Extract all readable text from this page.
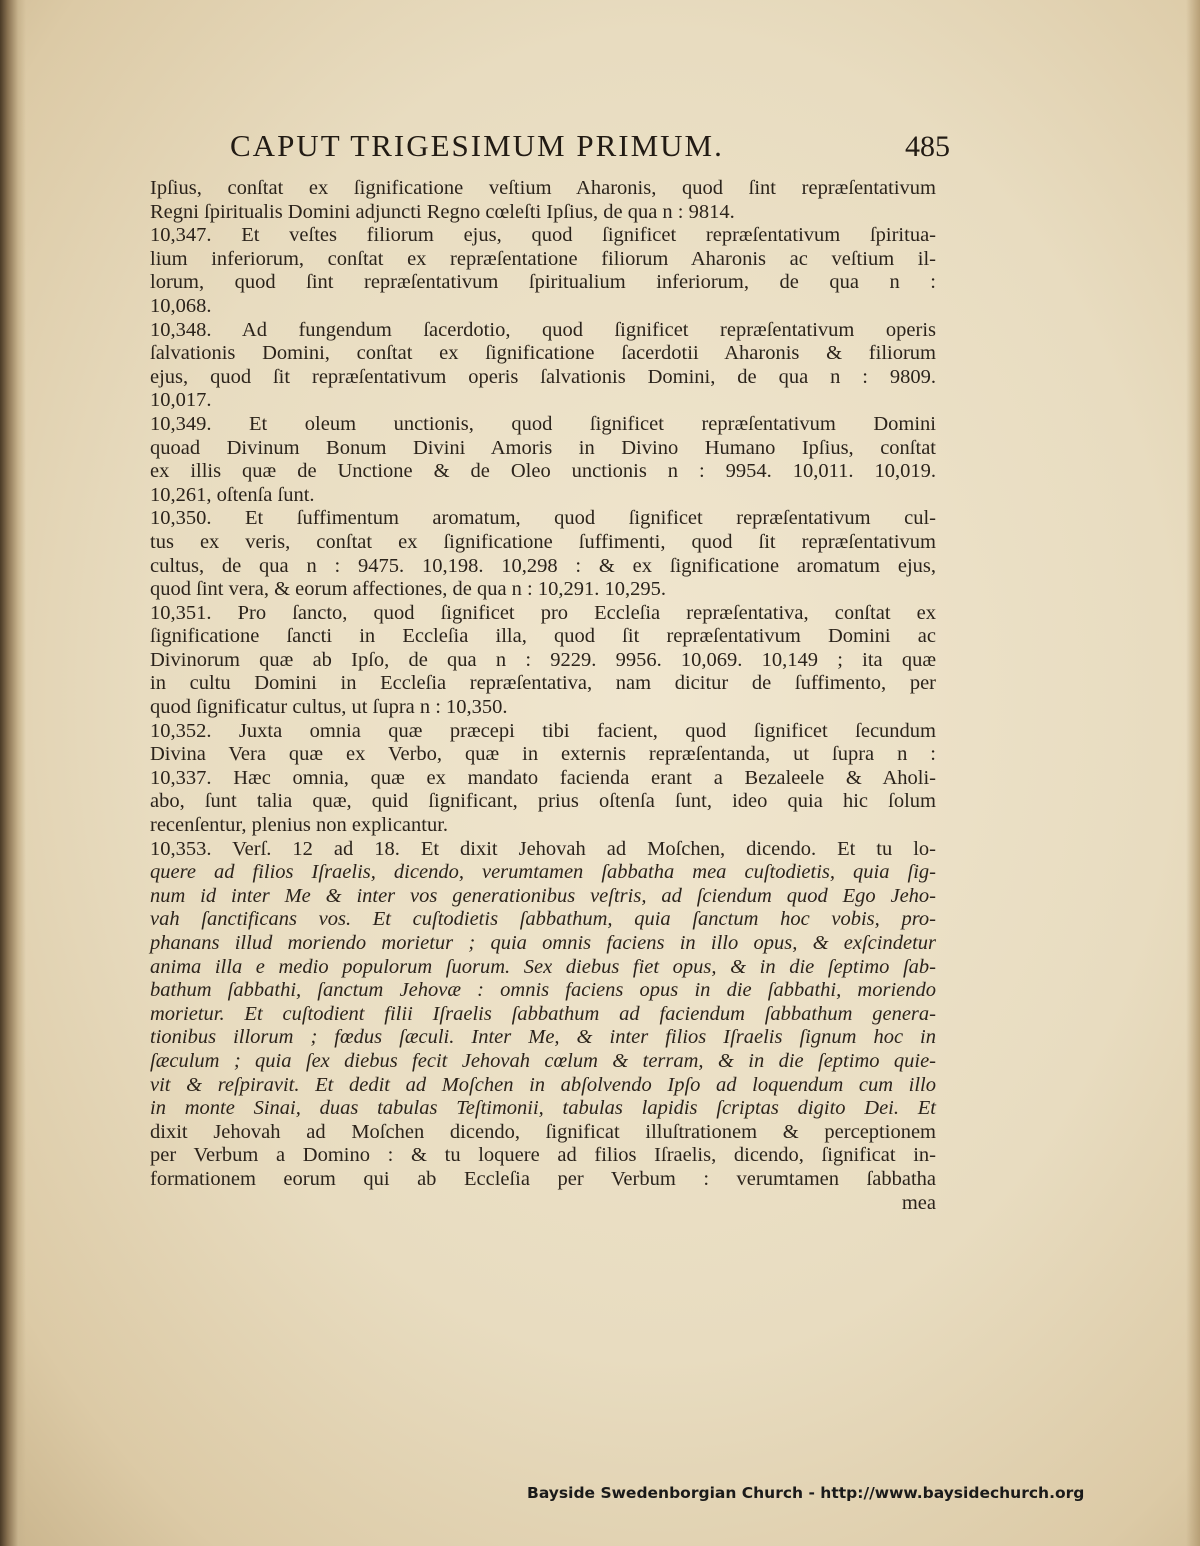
CAPUT TRIGESIMUM PRIMUM.	485
Ipſius, conſtat ex ſignificatione veſtium Aharonis, quod ſint repræſentativum
Regni ſpiritualis Domini adjuncti Regno cœleſti Ipſius, de qua n : 9814.
10,347. Et veſtes filiorum ejus, quod ſignificet repræſentativum ſpiritua-
lium inferiorum, conſtat ex repræſentatione filiorum Aharonis ac veſtium il-
lorum, quod ſint repræſentativum ſpiritualium inferiorum, de qua n :
10,068.
10,348. Ad fungendum ſacerdotio, quod ſignificet repræſentativum operis
ſalvationis Domini, conſtat ex ſignificatione ſacerdotii Aharonis & filiorum
ejus, quod ſit repræſentativum operis ſalvationis Domini, de qua n : 9809.
10,017.
10,349. Et oleum unctionis, quod ſignificet repræſentativum Domini
quoad Divinum Bonum Divini Amoris in Divino Humano Ipſius, conſtat
ex illis quæ de Unctione & de Oleo unctionis n : 9954. 10,011. 10,019.
10,261, oſtenſa ſunt.
10,350. Et ſuffimentum aromatum, quod ſignificet repræſentativum cul-
tus ex veris, conſtat ex ſignificatione ſuffimenti, quod ſit repræſentativum
cultus, de qua n : 9475. 10,198. 10,298 : & ex ſignificatione aromatum ejus,
quod ſint vera, & eorum affectiones, de qua n : 10,291. 10,295.
10,351. Pro ſancto, quod ſignificet pro Eccleſia repræſentativa, conſtat ex
ſignificatione ſancti in Eccleſia illa, quod ſit repræſentativum Domini ac
Divinorum quæ ab Ipſo, de qua n : 9229. 9956. 10,069. 10,149 ; ita quæ
in cultu Domini in Eccleſia repræſentativa, nam dicitur de ſuffimento, per
quod ſignificatur cultus, ut ſupra n : 10,350.
10,352. Juxta omnia quæ præcepi tibi facient, quod ſignificet ſecundum
Divina Vera quæ ex Verbo, quæ in externis repræſentanda, ut ſupra n :
10,337. Hæc omnia, quæ ex mandato facienda erant a Bezaleele & Aholi-
abo, ſunt talia quæ, quid ſignificant, prius oſtenſa ſunt, ideo quia hic ſolum
recenſentur, plenius non explicantur.
10,353. Verſ. 12 ad 18. Et dixit Jehovah ad Moſchen, dicendo. Et tu lo-
quere ad filios Iſraelis, dicendo, verumtamen ſabbatha mea cuſtodietis, quia ſig-
num id inter Me & inter vos generationibus veſtris, ad ſciendum quod Ego Jeho-
vah ſanctificans vos. Et cuſtodietis ſabbathum, quia ſanctum hoc vobis, pro-
phanans illud moriendo morietur ; quia omnis faciens in illo opus, & exſcindetur
anima illa e medio populorum ſuorum. Sex diebus fiet opus, & in die ſeptimo ſab-
bathum ſabbathi, ſanctum Jehovæ : omnis faciens opus in die ſabbathi, moriendo
morietur. Et cuſtodient filii Iſraelis ſabbathum ad faciendum ſabbathum genera-
tionibus illorum ; fœdus ſæculi. Inter Me, & inter filios Iſraelis ſignum hoc in
ſæculum ; quia ſex diebus fecit Jehovah cœlum & terram, & in die ſeptimo quie-
vit & reſpiravit. Et dedit ad Moſchen in abſolvendo Ipſo ad loquendum cum illo
in monte Sinai, duas tabulas Teſtimonii, tabulas lapidis ſcriptas digito Dei. Et
dixit Jehovah ad Moſchen dicendo, ſignificat illuſtrationem & perceptionem
per Verbum a Domino : & tu loquere ad filios Iſraelis, dicendo, ſignificat in-
formationem eorum qui ab Eccleſia per Verbum : verumtamen ſabbatha
mea
Bayside Swedenborgian Church - http://www.baysidechurch.org
